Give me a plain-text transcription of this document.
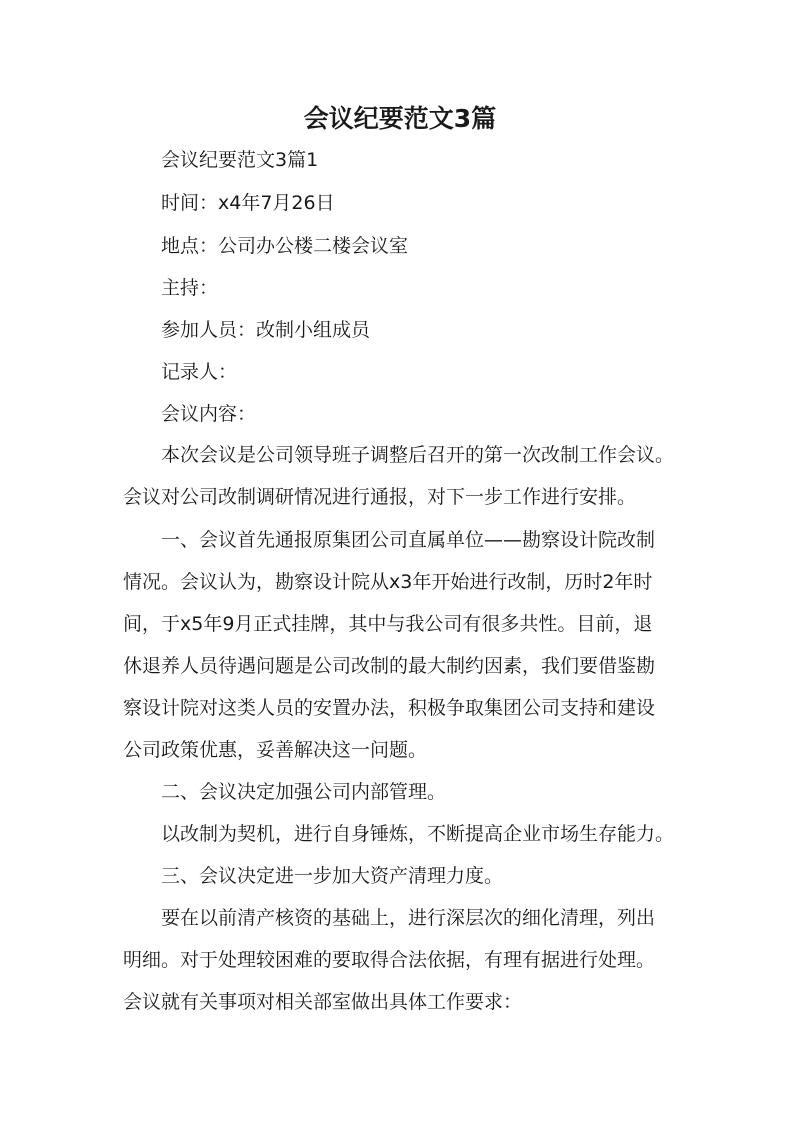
会议纪要范文3篇
会议纪要范文3篇1
时间：x4年7月26日
地点：公司办公楼二楼会议室
主持：
参加人员：改制小组成员
记录人：
会议内容：
本次会议是公司领导班子调整后召开的第一次改制工作会议。
会议对公司改制调研情况进行通报，对下一步工作进行安排。
一、会议首先通报原集团公司直属单位——勘察设计院改制
情况。会议认为，勘察设计院从x3年开始进行改制，历时2年时
间，于x5年9月正式挂牌，其中与我公司有很多共性。目前，退
休退养人员待遇问题是公司改制的最大制约因素，我们要借鉴勘
察设计院对这类人员的安置办法，积极争取集团公司支持和建设
公司政策优惠，妥善解决这一问题。
二、会议决定加强公司内部管理。
以改制为契机，进行自身锤炼，不断提高企业市场生存能力。
三、会议决定进一步加大资产清理力度。
要在以前清产核资的基础上，进行深层次的细化清理，列出
明细。对于处理较困难的要取得合法依据，有理有据进行处理。
会议就有关事项对相关部室做出具体工作要求：
